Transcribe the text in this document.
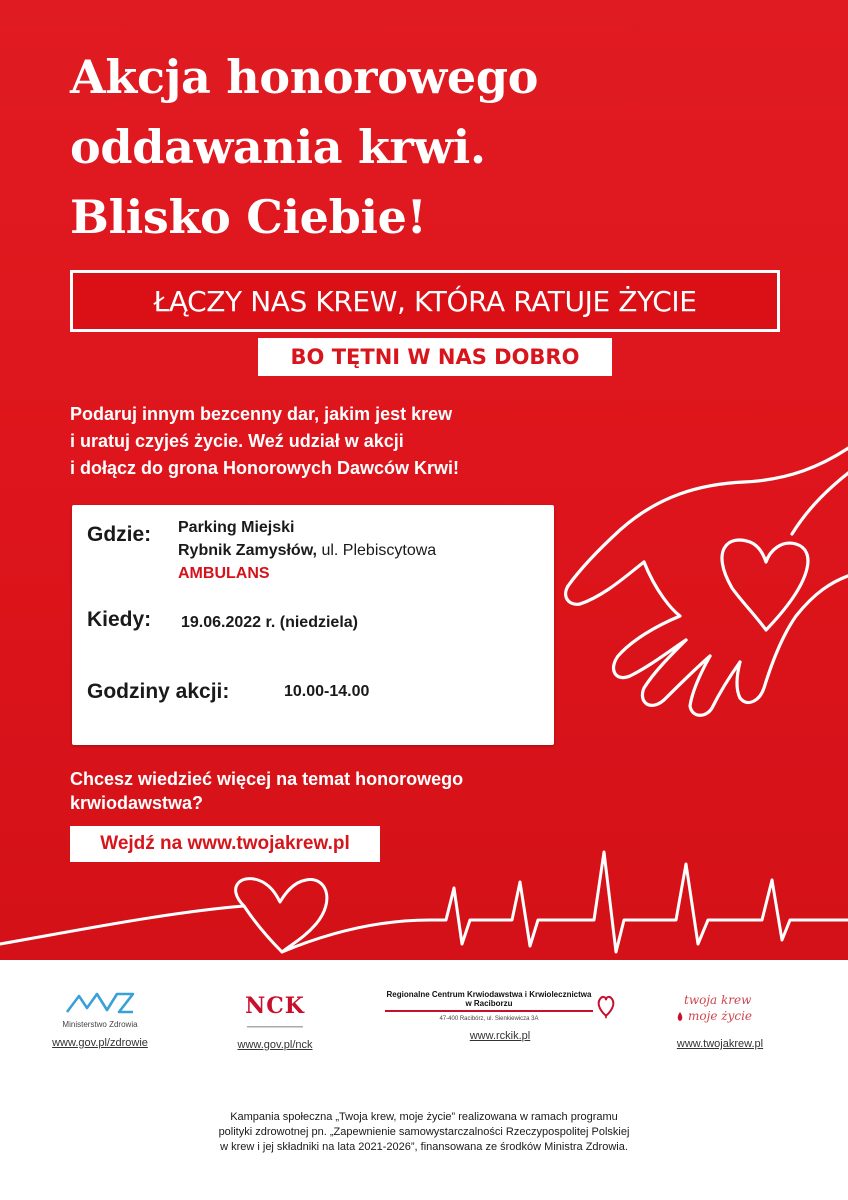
Akcja honorowego
oddawania krwi.
Blisko Ciebie!
ŁĄCZY NAS KREW, KTÓRA RATUJE ŻYCIE
BO TĘTNI W NAS DOBRO

Podaruj innym bezcenny dar, jakim jest krew
i uratuj czyjeś życie. Weź udział w akcji
i dołącz do grona Honorowych Dawców Krwi!

Gdzie: Parking Miejski
Rybnik Zamysłów, ul. Plebiscytowa
AMBULANS
Kiedy: 19.06.2022 r. (niedziela)
Godziny akcji:	10.00-14.00

Chcesz wiedzieć więcej na temat honorowego
krwiodawstwa?

Wejdź na www.twojakrew.pl
Ministerstwo Zdrowia
www.gov.pl/zdrowie
NCK
www.gov.pl/nck
Regionalne Centrum Krwiodawstwa i Krwiolecznictwa w Raciborzu
47-400 Racibórz, ul. Sienkiewicza 3A
www.rckik.pl
twoja krew
moje życie
www.twojakrew.pl

Kampania społeczna „Twoja krew, moje życie” realizowana w ramach programu
polityki zdrowotnej pn. „Zapewnienie samowystarczalności Rzeczypospolitej Polskiej
w krew i jej składniki na lata 2021-2026”, finansowana ze środków Ministra Zdrowia.
